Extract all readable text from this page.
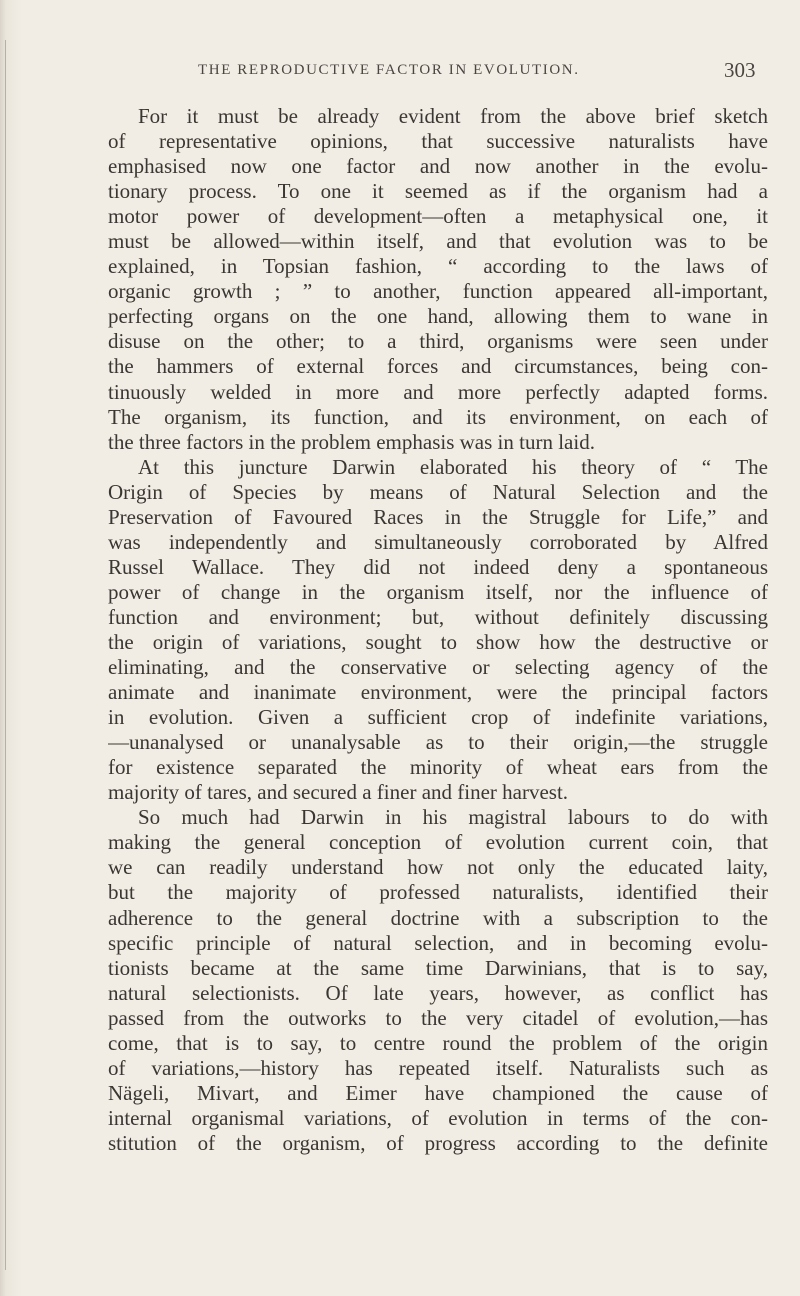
THE REPRODUCTIVE FACTOR IN EVOLUTION.	303
For it must be already evident from the above brief sketch
of representative opinions, that successive naturalists have
emphasised now one factor and now another in the evolu-
tionary process. To one it seemed as if the organism had a
motor power of development—often a metaphysical one, it
must be allowed—within itself, and that evolution was to be
explained, in Topsian fashion, “ according to the laws of
organic growth ; ” to another, function appeared all-important,
perfecting organs on the one hand, allowing them to wane in
disuse on the other; to a third, organisms were seen under
the hammers of external forces and circumstances, being con-
tinuously welded in more and more perfectly adapted forms.
The organism, its function, and its environment, on each of
the three factors in the problem emphasis was in turn laid.
At this juncture Darwin elaborated his theory of “ The
Origin of Species by means of Natural Selection and the
Preservation of Favoured Races in the Struggle for Life,” and
was independently and simultaneously corroborated by Alfred
Russel Wallace. They did not indeed deny a spontaneous
power of change in the organism itself, nor the influence of
function and environment; but, without definitely discussing
the origin of variations, sought to show how the destructive or
eliminating, and the conservative or selecting agency of the
animate and inanimate environment, were the principal factors
in evolution. Given a sufficient crop of indefinite variations,
—unanalysed or unanalysable as to their origin,—the struggle
for existence separated the minority of wheat ears from the
majority of tares, and secured a finer and finer harvest.
So much had Darwin in his magistral labours to do with
making the general conception of evolution current coin, that
we can readily understand how not only the educated laity,
but the majority of professed naturalists, identified their
adherence to the general doctrine with a subscription to the
specific principle of natural selection, and in becoming evolu-
tionists became at the same time Darwinians, that is to say,
natural selectionists. Of late years, however, as conflict has
passed from the outworks to the very citadel of evolution,—has
come, that is to say, to centre round the problem of the origin
of variations,—history has repeated itself. Naturalists such as
Nägeli, Mivart, and Eimer have championed the cause of
internal organismal variations, of evolution in terms of the con-
stitution of the organism, of progress according to the definite
